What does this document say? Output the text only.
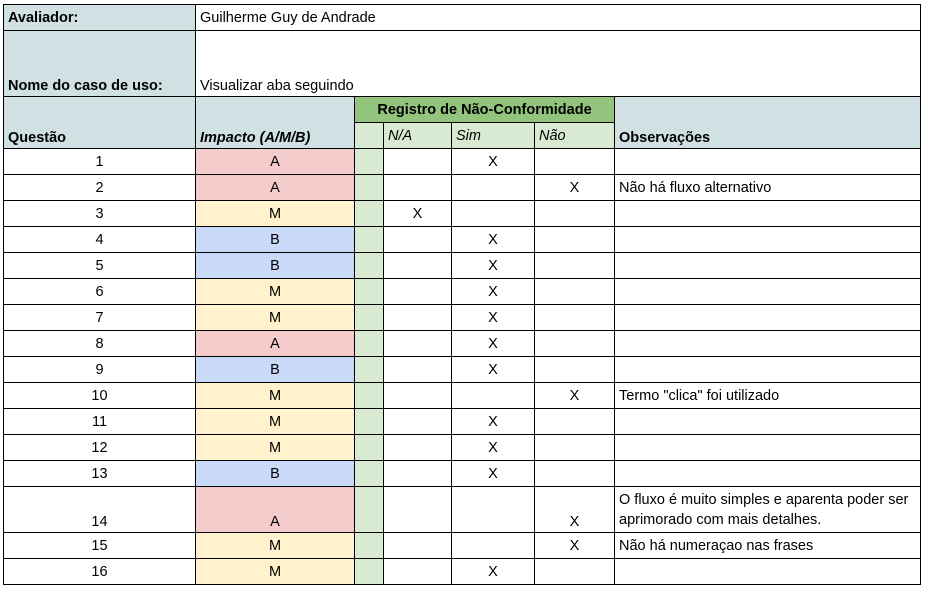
Avaliador:	Guilherme Guy de Andrade					
Nome do caso de uso:	Visualizar aba seguindo					
Questão	Impacto (A/M/B)	Registro de Não-Conformidade				Observações
			N/A	Sim	Não	
1	A			X		
2	A				X	Não há fluxo alternativo
3	M		X			
4	B			X		
5	B			X		
6	M			X		
7	M			X		
8	A			X		
9	B			X		
10	M				X	Termo "clica" foi utilizado
11	M			X		
12	M			X		
13	B			X		
14	A				X	O fluxo é muito simples e aparenta poder ser aprimorado com mais detalhes.
15	M				X	Não há numeraçao nas frases
16	M			X		
